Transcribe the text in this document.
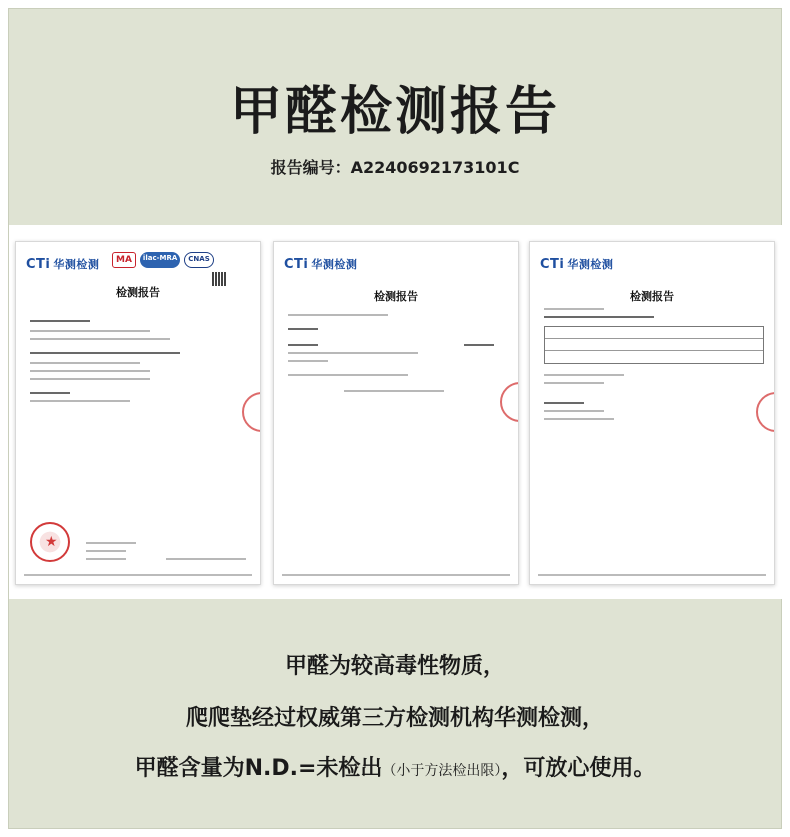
甲醛检测报告
报告编号：A2240692173101C
CTi 华测检测	MA	ilac-MRA	CNAS
检测报告
★
CTi 华测检测
检测报告
CTi 华测检测
检测报告
甲醛为较高毒性物质，
爬爬垫经过权威第三方检测机构华测检测，
甲醛含量为N.D.=未检出（小于方法检出限），可放心使用。
